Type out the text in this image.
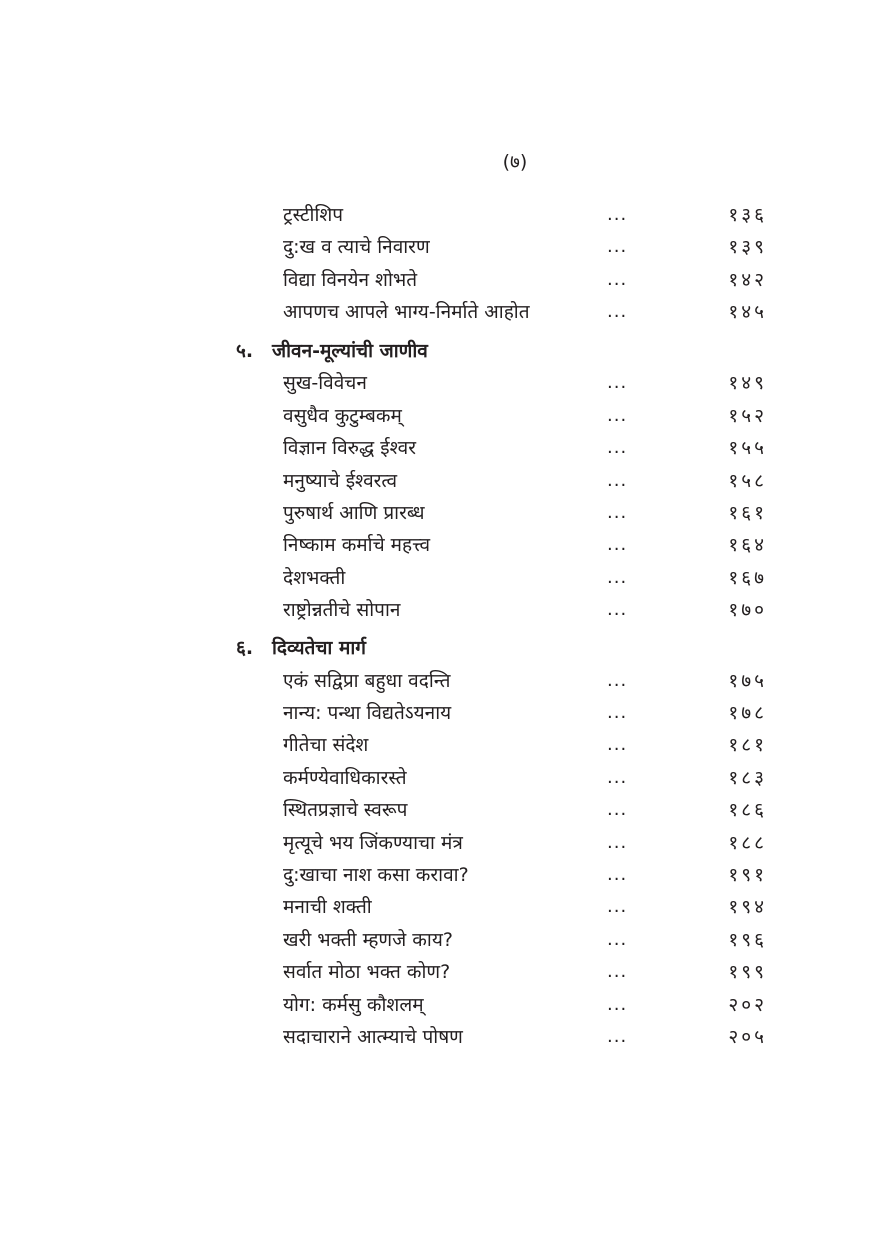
(७)
ट्रस्टीशिप	...	१३६
दु:ख व त्याचे निवारण	...	१३९
विद्या विनयेन शोभते	...	१४२
आपणच आपले भाग्य-निर्माते आहोत	...	१४५
५. जीवन-मूल्यांची जाणीव
सुख-विवेचन	...	१४९
वसुधैव कुटुम्बकम्	...	१५२
विज्ञान विरुद्ध ईश्वर	...	१५५
मनुष्याचे ईश्वरत्व	...	१५८
पुरुषार्थ आणि प्रारब्ध	...	१६१
निष्काम कर्माचे महत्त्व	...	१६४
देशभक्ती	...	१६७
राष्ट्रोन्नतीचे सोपान	...	१७०
६. दिव्यतेचा मार्ग
एकं सद्विप्रा बहुधा वदन्ति	...	१७५
नान्य: पन्था विद्यतेऽयनाय	...	१७८
गीतेचा संदेश	...	१८१
कर्मण्येवाधिकारस्ते	...	१८३
स्थितप्रज्ञाचे स्वरूप	...	१८६
मृत्यूचे भय जिंकण्याचा मंत्र	...	१८८
दु:खाचा नाश कसा करावा?	...	१९१
मनाची शक्ती	...	१९४
खरी भक्ती म्हणजे काय?	...	१९६
सर्वात मोठा भक्त कोण?	...	१९९
योग: कर्मसु कौशलम्	...	२०२
सदाचाराने आत्म्याचे पोषण	...	२०५
